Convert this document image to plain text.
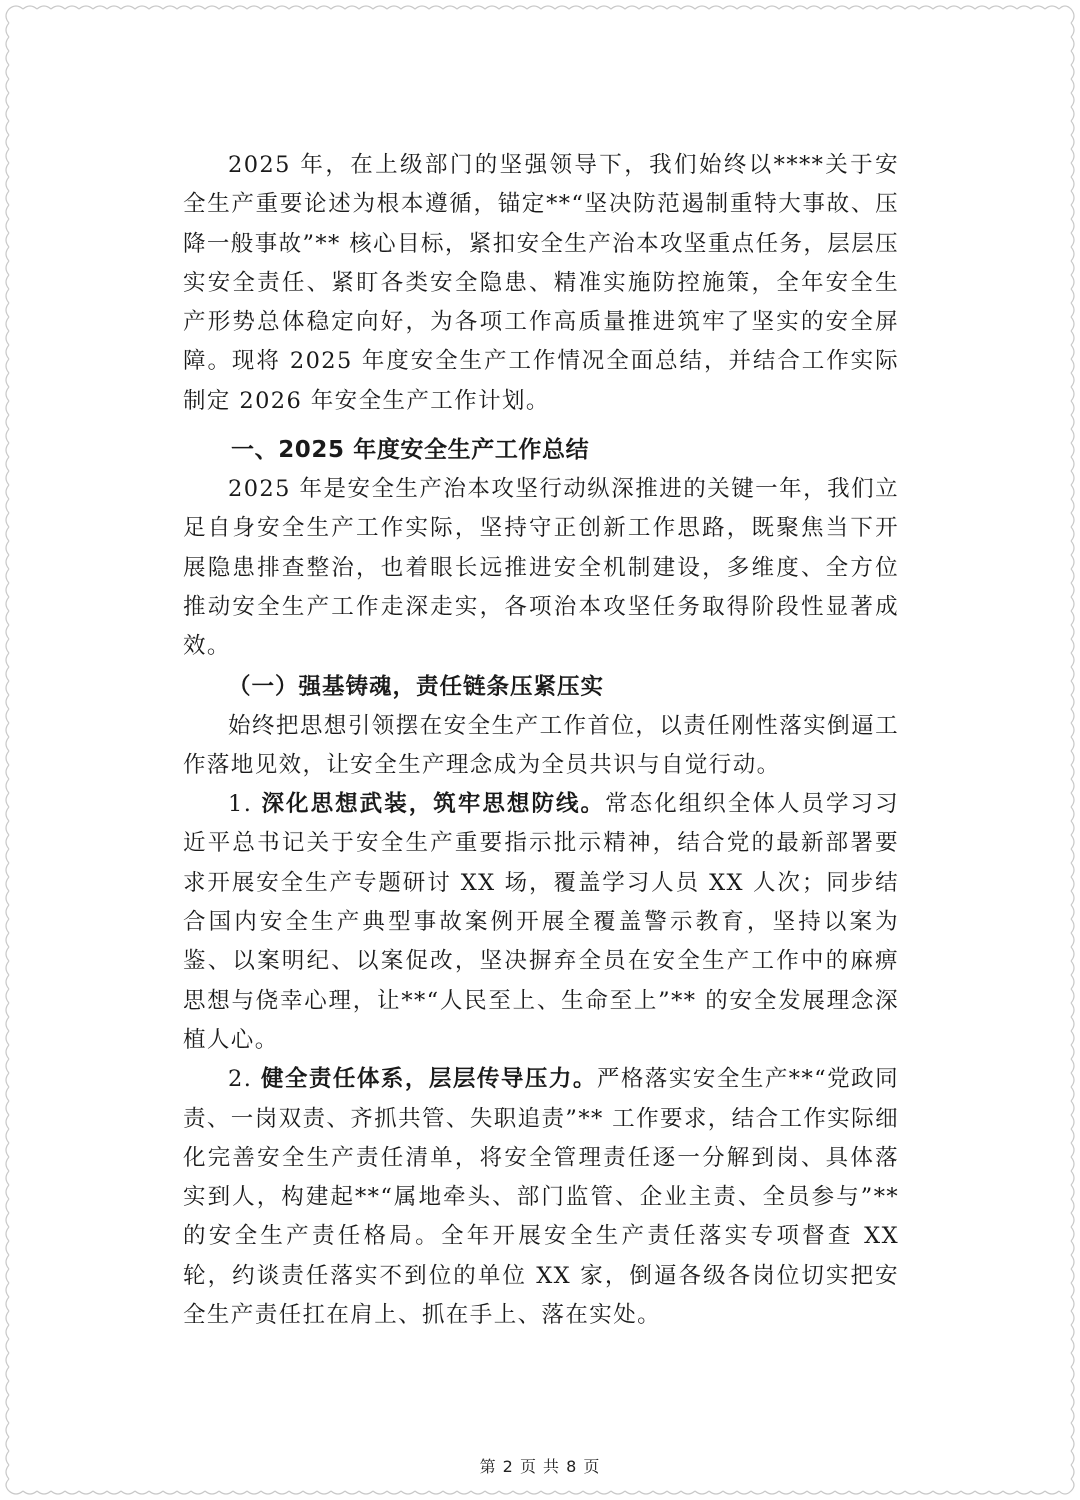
2025 年，在上级部门的坚强领导下，我们始终以****关于安全生产重要论述为根本遵循，锚定**“坚决防范遏制重特大事故、压降一般事故”** 核心目标，紧扣安全生产治本攻坚重点任务，层层压实安全责任、紧盯各类安全隐患、精准实施防控施策，全年安全生产形势总体稳定向好，为各项工作高质量推进筑牢了坚实的安全屏障。现将 2025 年度安全生产工作情况全面总结，并结合工作实际制定 2026 年安全生产工作计划。

一、2025 年度安全生产工作总结

2025 年是安全生产治本攻坚行动纵深推进的关键一年，我们立足自身安全生产工作实际，坚持守正创新工作思路，既聚焦当下开展隐患排查整治，也着眼长远推进安全机制建设，多维度、全方位推动安全生产工作走深走实，各项治本攻坚任务取得阶段性显著成效。

（一）强基铸魂，责任链条压紧压实

始终把思想引领摆在安全生产工作首位，以责任刚性落实倒逼工作落地见效，让安全生产理念成为全员共识与自觉行动。

1. 深化思想武装，筑牢思想防线。常态化组织全体人员学习习近平总书记关于安全生产重要指示批示精神，结合党的最新部署要求开展安全生产专题研讨 XX 场，覆盖学习人员 XX 人次；同步结合国内安全生产典型事故案例开展全覆盖警示教育，坚持以案为鉴、以案明纪、以案促改，坚决摒弃全员在安全生产工作中的麻痹思想与侥幸心理，让**“人民至上、生命至上”** 的安全发展理念深植人心。

2. 健全责任体系，层层传导压力。严格落实安全生产**“党政同责、一岗双责、齐抓共管、失职追责”** 工作要求，结合工作实际细化完善安全生产责任清单，将安全管理责任逐一分解到岗、具体落实到人，构建起**“属地牵头、部门监管、企业主责、全员参与”** 的安全生产责任格局。全年开展安全生产责任落实专项督查 XX 轮，约谈责任落实不到位的单位 XX 家，倒逼各级各岗位切实把安全生产责任扛在肩上、抓在手上、落在实处。

第 2 页 共 8 页
